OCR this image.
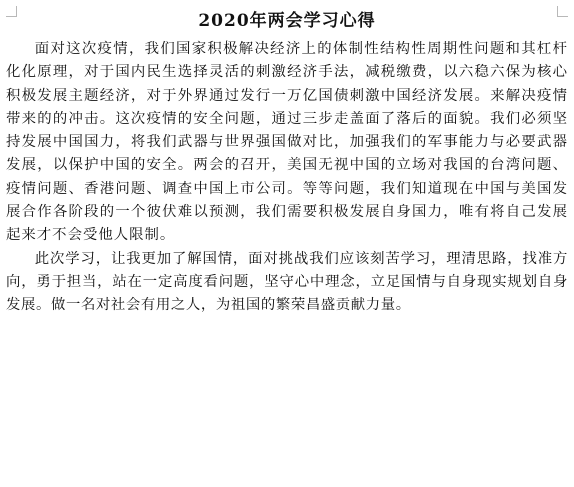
2020年两会学习心得

面对这次疫情，我们国家积极解决经济上的体制性结构性周期性问题和其杠杆化化原理，对于国内民生选择灵活的刺激经济手法，减税缴费，以六稳六保为核心积极发展主题经济，对于外界通过发行一万亿国债刺激中国经济发展。来解决疫情带来的的冲击。这次疫情的安全问题，通过三步走盖面了落后的面貌。我们必须坚持发展中国国力，将我们武器与世界强国做对比，加强我们的军事能力与必要武器发展，以保护中国的安全。两会的召开，美国无视中国的立场对我国的台湾问题、疫情问题、香港问题、调查中国上市公司。等等问题，我们知道现在中国与美国发展合作各阶段的一个彼伏难以预测，我们需要积极发展自身国力，唯有将自己发展起来才不会受他人限制。

此次学习，让我更加了解国情，面对挑战我们应该刻苦学习，理清思路，找准方向，勇于担当，站在一定高度看问题，坚守心中理念，立足国情与自身现实规划自身发展。做一名对社会有用之人，为祖国的繁荣昌盛贡献力量。
